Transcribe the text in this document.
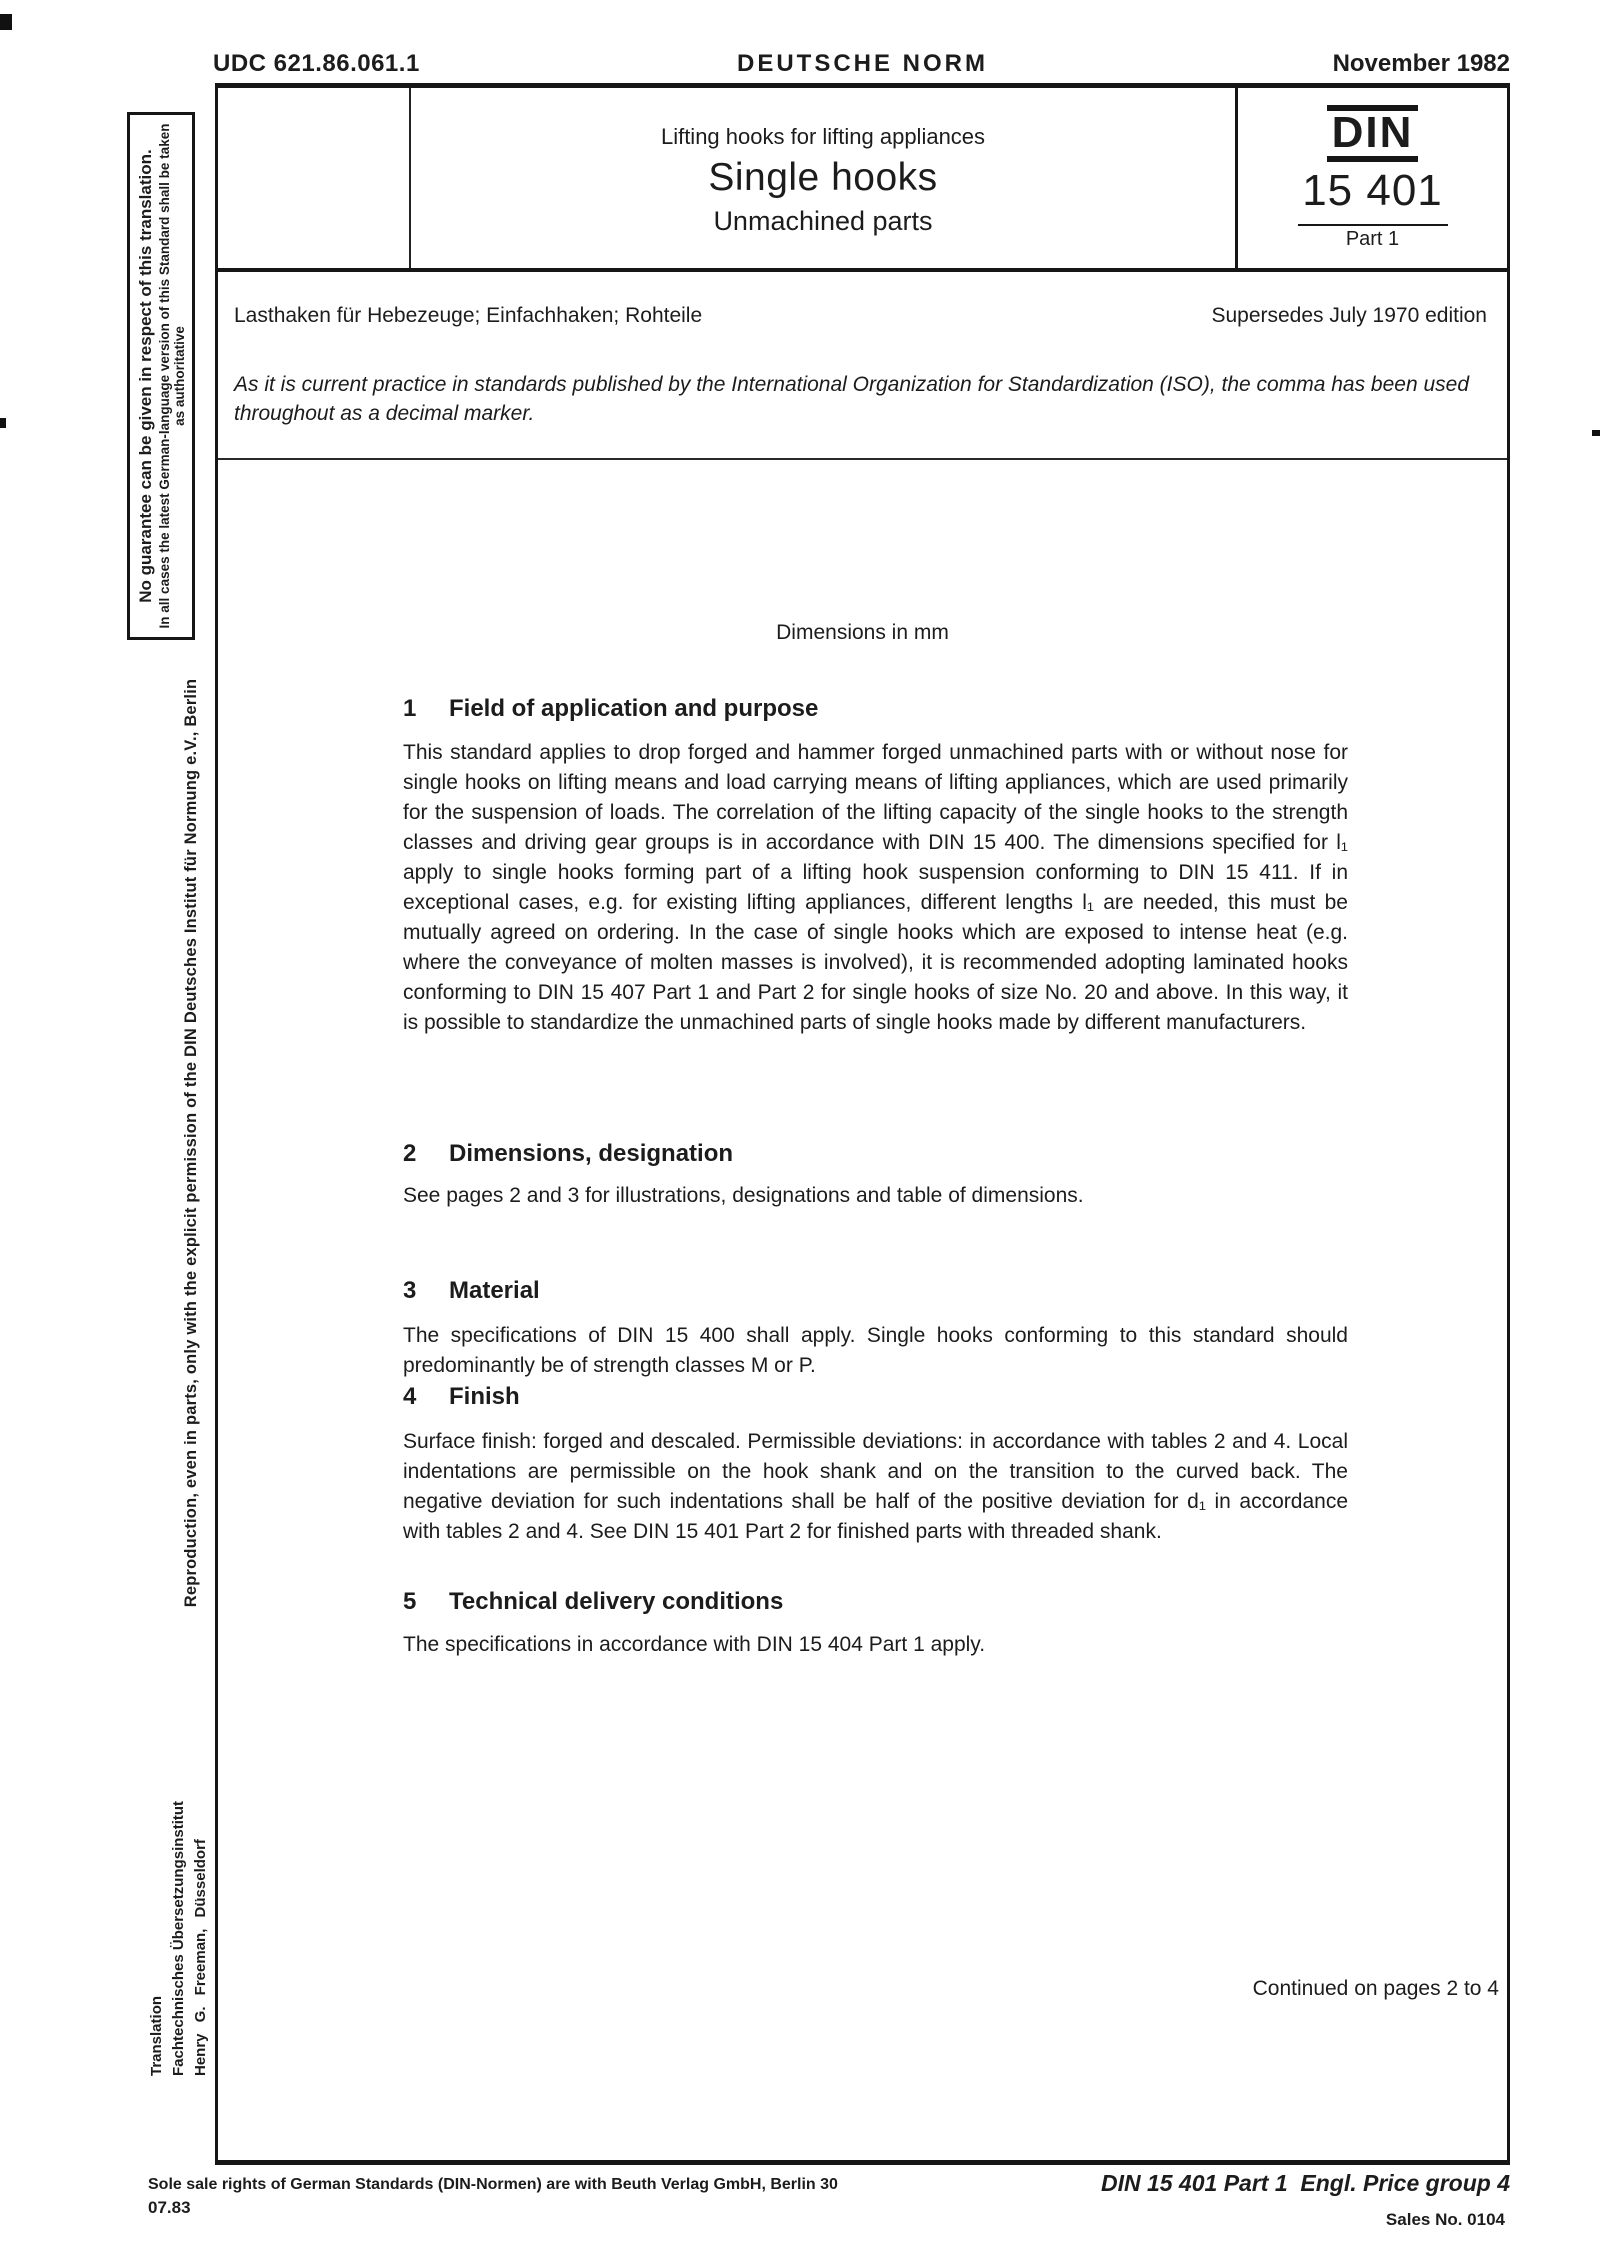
UDC 621.86.061.1	DEUTSCHE NORM	November 1982
No guarantee can be given in respect of this translation. In all cases the latest German-language version of this Standard shall be taken as authoritative
Reproduction, even in parts, only with the explicit permission of the DIN Deutsches Institut für Normung e.V., Berlin
Translation Fachtechnisches Übersetzungsinstitut Henry G. Freeman, Düsseldorf
Lifting hooks for lifting appliances
Single hooks
Unmachined parts
DIN
15 401
Part 1
Lasthaken für Hebezeuge; Einfachhaken; Rohteile	Supersedes July 1970 edition
As it is current practice in standards published by the International Organization for Standardization (ISO), the comma has been used throughout as a decimal marker.
Dimensions in mm
1 Field of application and purpose
This standard applies to drop forged and hammer forged unmachined parts with or without nose for single hooks on lifting means and load carrying means of lifting appliances, which are used primarily for the suspension of loads. The correlation of the lifting capacity of the single hooks to the strength classes and driving gear groups is in accordance with DIN 15 400. The dimensions specified for l₁ apply to single hooks forming part of a lifting hook suspension conforming to DIN 15 411. If in exceptional cases, e.g. for existing lifting appliances, different lengths l₁ are needed, this must be mutually agreed on ordering. In the case of single hooks which are exposed to intense heat (e.g. where the conveyance of molten masses is involved), it is recommended adopting laminated hooks conforming to DIN 15 407 Part 1 and Part 2 for single hooks of size No. 20 and above. In this way, it is possible to standardize the unmachined parts of single hooks made by different manufacturers.
2 Dimensions, designation
See pages 2 and 3 for illustrations, designations and table of dimensions.
3 Material
The specifications of DIN 15 400 shall apply. Single hooks conforming to this standard should predominantly be of strength classes M or P.
4 Finish
Surface finish: forged and descaled. Permissible deviations: in accordance with tables 2 and 4. Local indentations are permissible on the hook shank and on the transition to the curved back. The negative deviation for such indentations shall be half of the positive deviation for d₁ in accordance with tables 2 and 4. See DIN 15 401 Part 2 for finished parts with threaded shank.
5 Technical delivery conditions
The specifications in accordance with DIN 15 404 Part 1 apply.
Continued on pages 2 to 4
Sole sale rights of German Standards (DIN-Normen) are with Beuth Verlag GmbH, Berlin 30
07.83
DIN 15 401 Part 1  Engl. Price group 4
Sales No. 0104
